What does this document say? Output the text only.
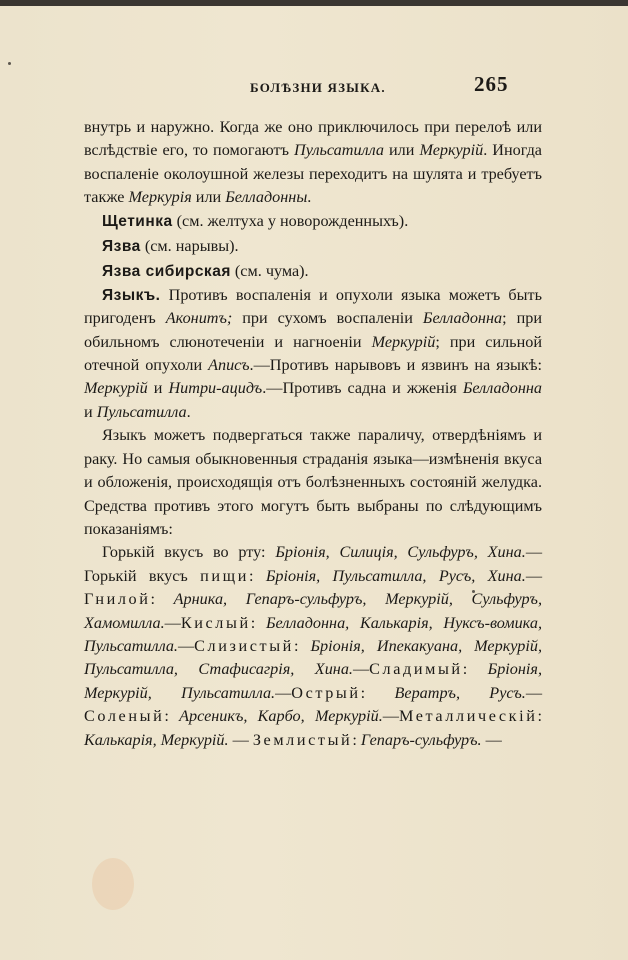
БОЛѢЗНИ ЯЗЫКА.	265

внутрь и наружно. Когда же оно приключилось при перелоѣ или вслѣдствіе его, то помогаютъ Пульсатилла или Меркурій. Иногда воспаленіе околоушной железы переходитъ на шулята и требуетъ также Меркурія или Белладонны.

Щетинка (см. желтуха у новорожденныхъ).

Язва (см. нарывы).

Язва сибирская (см. чума).

Языкъ. Противъ воспаленія и опухоли языка можетъ быть пригоденъ Аконитъ; при сухомъ воспаленіи Белладонна; при обильномъ слюнотеченіи и нагноеніи Меркурій; при сильной отечной опухоли Аписъ.—Противъ нарывовъ и язвинъ на языкѣ: Меркурій и Нитри-ацидъ.—Противъ садна и жженія Белладонна и Пульсатилла.

Языкъ можетъ подвергаться также параличу, отвердѣніямъ и раку. Но самыя обыкновенныя страданія языка—измѣненія вкуса и обложенія, происходящія отъ болѣзненныхъ состояній желудка. Средства противъ этого могутъ быть выбраны по слѣдующимъ показаніямъ:

Горькій вкусъ во рту: Бріонія, Силиція, Сульфуръ, Хина.—Горькій вкусъ пищи: Бріонія, Пульсатилла, Русъ, Хина.—Гнилой: Арника, Гепаръ-сульфуръ, Меркурій, Сульфуръ, Хамомилла.—Кислый: Белладонна, Калькарія, Нуксъ-вомика, Пульсатилла.—Слизистый: Бріонія, Ипекакуана, Меркурій, Пульсатилла, Стафисагрія, Хина.—Сладимый: Бріонія, Меркурій, Пульсатилла.—Острый: Вератръ, Русъ.—Соленый: Арсеникъ, Карбо, Меркурій.—Металлическій: Калькарія, Меркурій. — Землистый: Гепаръ-сульфуръ. —
